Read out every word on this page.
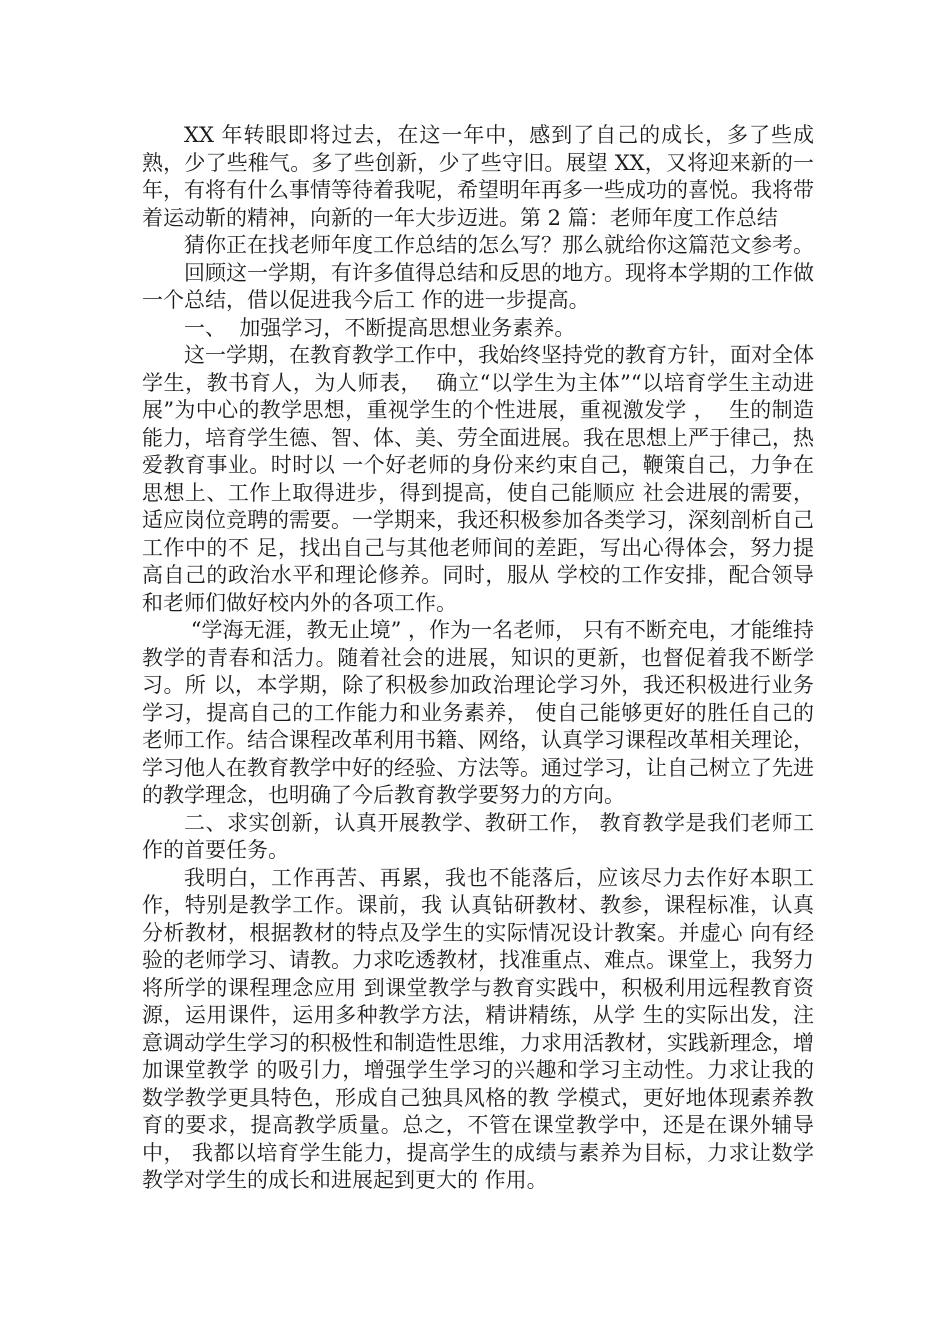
XX 年转眼即将过去，在这一年中，感到了自己的成长，多了些成熟，少了些稚气。多了些创新，少了些守旧。展望 XX，又将迎来新的一年，有将有什么事情等待着我呢，希望明年再多一些成功的喜悦。我将带着运动靳的精神，向新的一年大步迈进。第 2 篇：老师年度工作总结

猜你正在找老师年度工作总结的怎么写？那么就给你这篇范文参考。

回顾这一学期，有许多值得总结和反思的地方。现将本学期的工作做一个总结，借以促进我今后工 作的进一步提高。

一、  加强学习，不断提高思想业务素养。

这一学期，在教育教学工作中，我始终坚持党的教育方针，面对全体学生，教书育人，为人师表，  确立“以学生为主体”“以培育学生主动进展”为中心的教学思想，重视学生的个性进展，重视激发学 ，  生的制造能力，培育学生德、智、体、美、劳全面进展。我在思想上严于律己，热爱教育事业。时时以 一个好老师的身份来约束自己，鞭策自己，力争在思想上、工作上取得进步，得到提高，使自己能顺应 社会进展的需要，适应岗位竞聘的需要。一学期来，我还积极参加各类学习，深刻剖析自己工作中的不 足，找出自己与其他老师间的差距，写出心得体会，努力提高自己的政治水平和理论修养。同时，服从 学校的工作安排，配合领导和老师们做好校内外的各项工作。

“学海无涯，教无止境” ，作为一名老师， 只有不断充电，才能维持教学的青春和活力。随着社会的进展，知识的更新，也督促着我不断学习。所 以，本学期，除了积极参加政治理论学习外，我还积极进行业务学习，提高自己的工作能力和业务素养， 使自己能够更好的胜任自己的老师工作。结合课程改革利用书籍、网络，认真学习课程改革相关理论， 学习他人在教育教学中好的经验、方法等。通过学习，让自己树立了先进的教学理念，也明确了今后教育教学要努力的方向。

二、求实创新，认真开展教学、教研工作， 教育教学是我们老师工作的首要任务。

我明白，工作再苦、再累，我也不能落后，应该尽力去作好本职工作，特别是教学工作。课前，我 认真钻研教材、教参，课程标准，认真分析教材，根据教材的特点及学生的实际情况设计教案。并虚心 向有经验的老师学习、请教。力求吃透教材，找准重点、难点。课堂上，我努力将所学的课程理念应用 到课堂教学与教育实践中，积极利用远程教育资 源，运用课件，运用多种教学方法，精讲精练，从学 生的实际出发，注意调动学生学习的积极性和制造性思维，力求用活教材，实践新理念，增加课堂教学 的吸引力，增强学生学习的兴趣和学习主动性。力求让我的数学教学更具特色，形成自己独具风格的教 学模式，更好地体现素养教育的要求，提高教学质量。总之，不管在课堂教学中，还是在课外辅导中， 我都以培育学生能力，提高学生的成绩与素养为目标，力求让数学教学对学生的成长和进展起到更大的 作用。
